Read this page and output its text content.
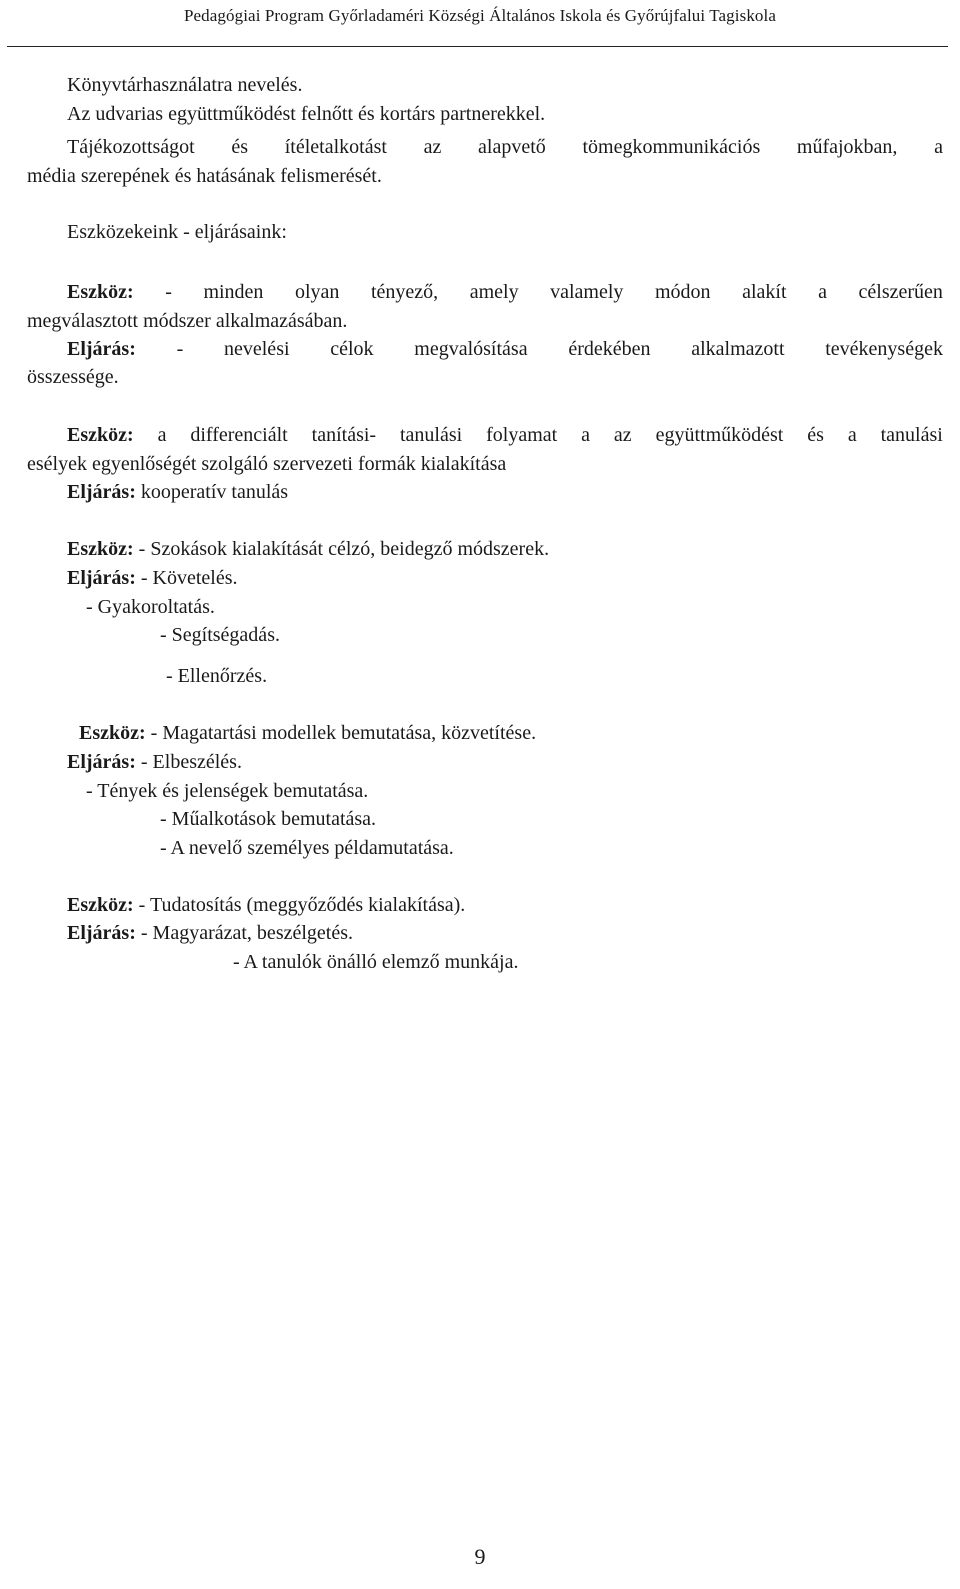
Pedagógiai Program Győrladaméri Községi Általános Iskola és Győrújfalui Tagiskola
Könyvtárhasználatra nevelés.
Az udvarias együttműködést felnőtt és kortárs partnerekkel.
Tájékozottságot és ítéletalkotást az alapvető tömegkommunikációs műfajokban, a
média szerepének és hatásának felismerését.
Eszközekeink - eljárásaink:
Eszköz: - minden olyan tényező, amely valamely módon alakít a célszerűen
megválasztott módszer alkalmazásában.
Eljárás: - nevelési célok megvalósítása érdekében alkalmazott tevékenységek
összessége.
Eszköz: a differenciált tanítási- tanulási folyamat a az együttműködést és a tanulási
esélyek egyenlőségét szolgáló szervezeti formák kialakítása
Eljárás: kooperatív tanulás
Eszköz: - Szokások kialakítását célzó, beidegző módszerek.
Eljárás: - Követelés.
- Gyakoroltatás.
- Segítségadás.
- Ellenőrzés.
Eszköz: - Magatartási modellek bemutatása, közvetítése.
Eljárás: - Elbeszélés.
- Tények és jelenségek bemutatása.
- Műalkotások bemutatása.
- A nevelő személyes példamutatása.
Eszköz: - Tudatosítás (meggyőződés kialakítása).
Eljárás: - Magyarázat, beszélgetés.
- A tanulók önálló elemző munkája.
9
